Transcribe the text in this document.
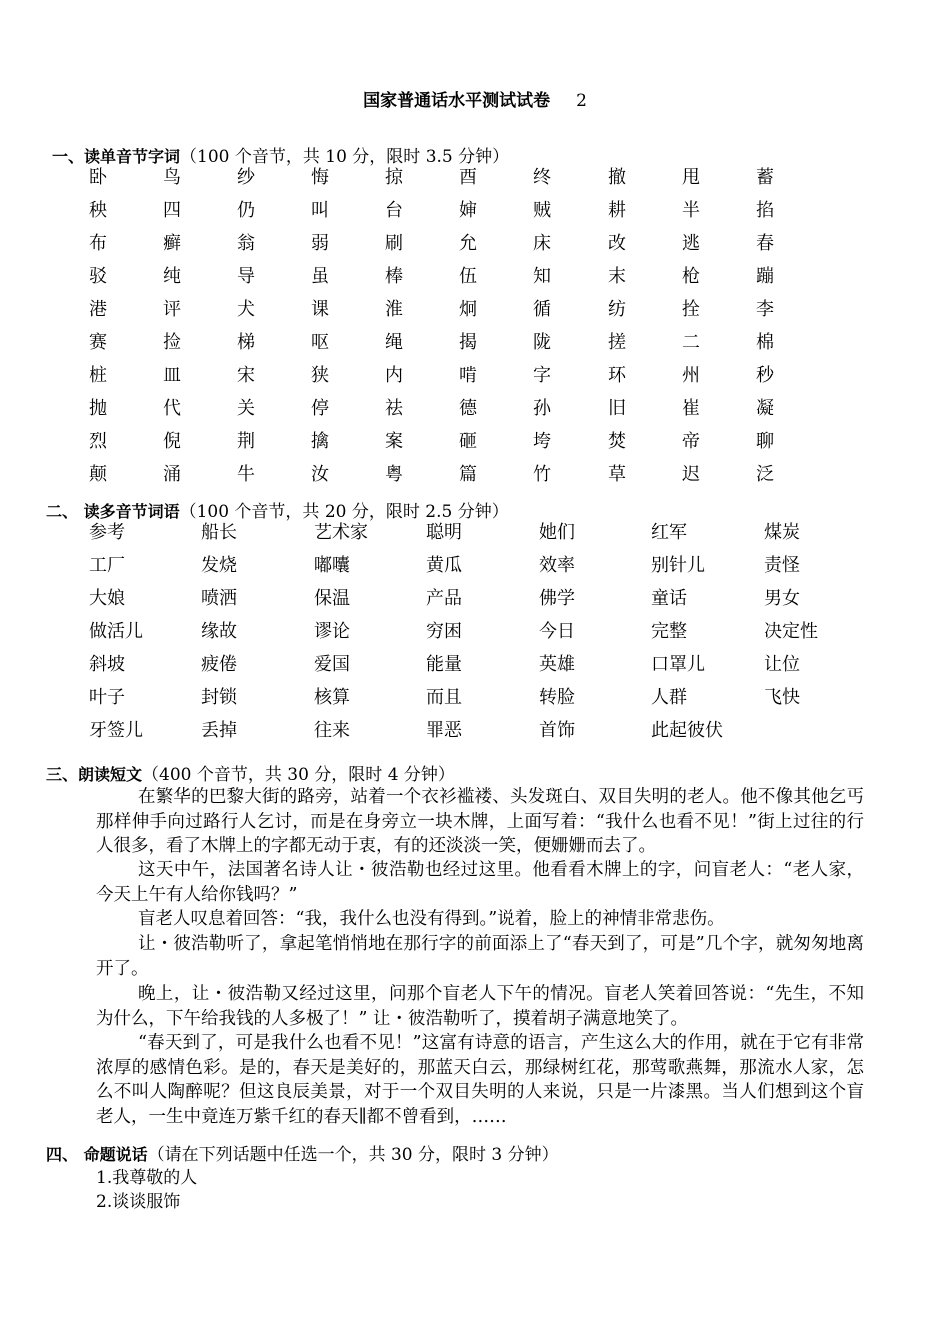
国家普通话水平测试试卷 2
一、读单音节字词（100 个音节，共 10 分，限时 3.5 分钟）
卧	鸟	纱	悔	掠	酉	终	撤	甩	蓄
秧	四	仍	叫	台	婶	贼	耕	半	掐
布	癣	翁	弱	刷	允	床	改	逃	春
驳	纯	导	虽	棒	伍	知	末	枪	蹦
港	评	犬	课	淮	炯	循	纺	拴	李
赛	捡	梯	呕	绳	揭	陇	搓	二	棉
桩	皿	宋	狭	内	啃	字	环	州	秒
抛	代	关	停	祛	德	孙	旧	崔	凝
烈	倪	荆	擒	案	砸	垮	焚	帝	聊
颠	涌	牛	汝	粤	篇	竹	草	迟	泛
二、 读多音节词语（100 个音节，共 20 分，限时 2.5 分钟）
参考	船长	艺术家	聪明	她们	红军	煤炭
工厂	发烧	嘟囔	黄瓜	效率	别针儿	责怪
大娘	喷洒	保温	产品	佛学	童话	男女
做活儿	缘故	谬论	穷困	今日	完整	决定性
斜坡	疲倦	爱国	能量	英雄	口罩儿	让位
叶子	封锁	核算	而且	转脸	人群	飞快
牙签儿	丢掉	往来	罪恶	首饰	此起彼伏
三、朗读短文（400 个音节，共 30 分，限时 4 分钟）

在繁华的巴黎大街的路旁，站着一个衣衫褴褛、头发斑白、双目失明的老人。他不像其他乞丐那样伸手向过路行人乞讨，而是在身旁立一块木牌，上面写着：“我什么也看不见！”街上过往的行人很多，看了木牌上的字都无动于衷，有的还淡淡一笑，便姗姗而去了。

这天中午，法国著名诗人让・彼浩勒也经过这里。他看看木牌上的字，问盲老人：“老人家，今天上午有人给你钱吗？”

盲老人叹息着回答：“我，我什么也没有得到。”说着，脸上的神情非常悲伤。

让・彼浩勒听了，拿起笔悄悄地在那行字的前面添上了“春天到了，可是”几个字，就匆匆地离开了。

晚上，让・彼浩勒又经过这里，问那个盲老人下午的情况。盲老人笑着回答说：“先生，不知为什么，下午给我钱的人多极了！” 让・彼浩勒听了，摸着胡子满意地笑了。

“春天到了，可是我什么也看不见！”这富有诗意的语言，产生这么大的作用，就在于它有非常浓厚的感情色彩。是的，春天是美好的，那蓝天白云，那绿树红花，那莺歌燕舞，那流水人家，怎么不叫人陶醉呢？但这良辰美景，对于一个双目失明的人来说，只是一片漆黑。当人们想到这个盲老人，一生中竟连万紫千红的春天∥都不曾看到，……

四、 命题说话（请在下列话题中任选一个，共 30 分，限时 3 分钟）
1.我尊敬的人
2.谈谈服饰
